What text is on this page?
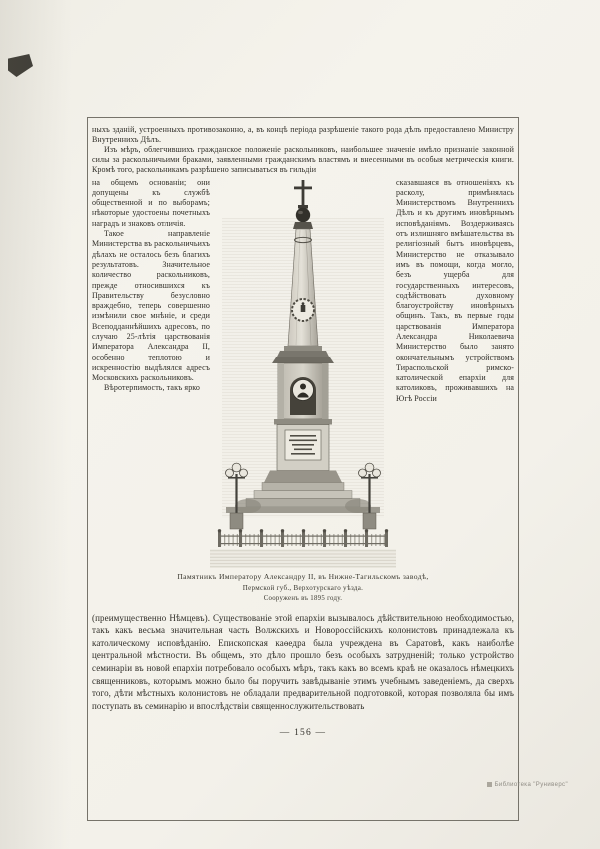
ныхъ зданій, устроенныхъ противозаконно, а, въ концѣ періода разрѣшеніе такого рода дѣлъ предоставлено Министру Внутреннихъ Дѣлъ.

Изъ мѣръ, облегчившихъ гражданское положеніе раскольниковъ, наибольшее значеніе имѣло признаніе законной силы за раскольничьими браками, заявленными гражданскимъ властямъ и внесенными въ особыя метрическія книги. Кромѣ того, раскольникамъ разрѣшено записываться въ гильдіи

на общемъ основаніи; они допущены къ службѣ общественной и по выборамъ; нѣкоторые удостоены почетныхъ наградъ и знаковъ отличія.

Такое направленіе Министерства въ раскольничьихъ дѣлахъ не осталось безъ благихъ результатовъ. Значительное количество раскольниковъ, прежде относившихся къ Правительству безусловно враждебно, теперь совершенно измѣнили свое мнѣніе, и среди Всеподданнѣйшихъ адресовъ, по случаю 25-лѣтія царствованія Императора Александра II, особенно теплотою и искренностію выдѣлялся адресъ Московскихъ раскольниковъ.

Вѣротерпимость, такъ ярко

сказавшаяся въ отношеніяхъ къ расколу, примѣнялась Министерствомъ Внутреннихъ Дѣлъ и къ другимъ иновѣрнымъ исповѣданіямъ. Воздерживаясь отъ излишняго вмѣшательства въ религіозный бытъ иновѣрцевъ, Министерство не отказывало имъ въ помощи, когда могло, безъ ущерба для государственныхъ интересовъ, содѣйствовать духовному благоустройству иновѣрныхъ общинъ. Такъ, въ первые годы царствованія Императора Александра Николаевича Министерство было занято окончательнымъ устройствомъ Тираспольской римско-католической епархіи для католиковъ, проживавшихъ на Югѣ Россіи

Памятникъ Императору Александру II, въ Нижне-Тагильскомъ заводѣ,
Пермской губ., Верхотурскаго уѣзда.
Сооруженъ въ 1895 году.

(преимущественно Нѣмцевъ). Существованіе этой епархіи вызывалось дѣйствительною необходимостью, такъ какъ весьма значительная часть Волжскихъ и Новороссійскихъ колонистовъ принадлежала къ католическому исповѣданію. Епископская каѳедра была учреждена въ Саратовѣ, какъ наиболѣе центральной мѣстности. Въ общемъ, это дѣло прошло безъ особыхъ затрудненій; только устройство семинаріи въ новой епархіи потребовало особыхъ мѣръ, такъ какъ во всемъ краѣ не оказалось нѣмецкихъ священниковъ, которымъ можно было бы поручить завѣдываніе этимъ учебнымъ заведеніемъ, да сверхъ того, дѣти мѣстныхъ колонистовъ не обладали предварительной подготовкой, которая позволяла бы имъ поступать въ семинарію и впослѣдствіи священнослужительствовать

— 156 —
Библиотека "Руниверс"
